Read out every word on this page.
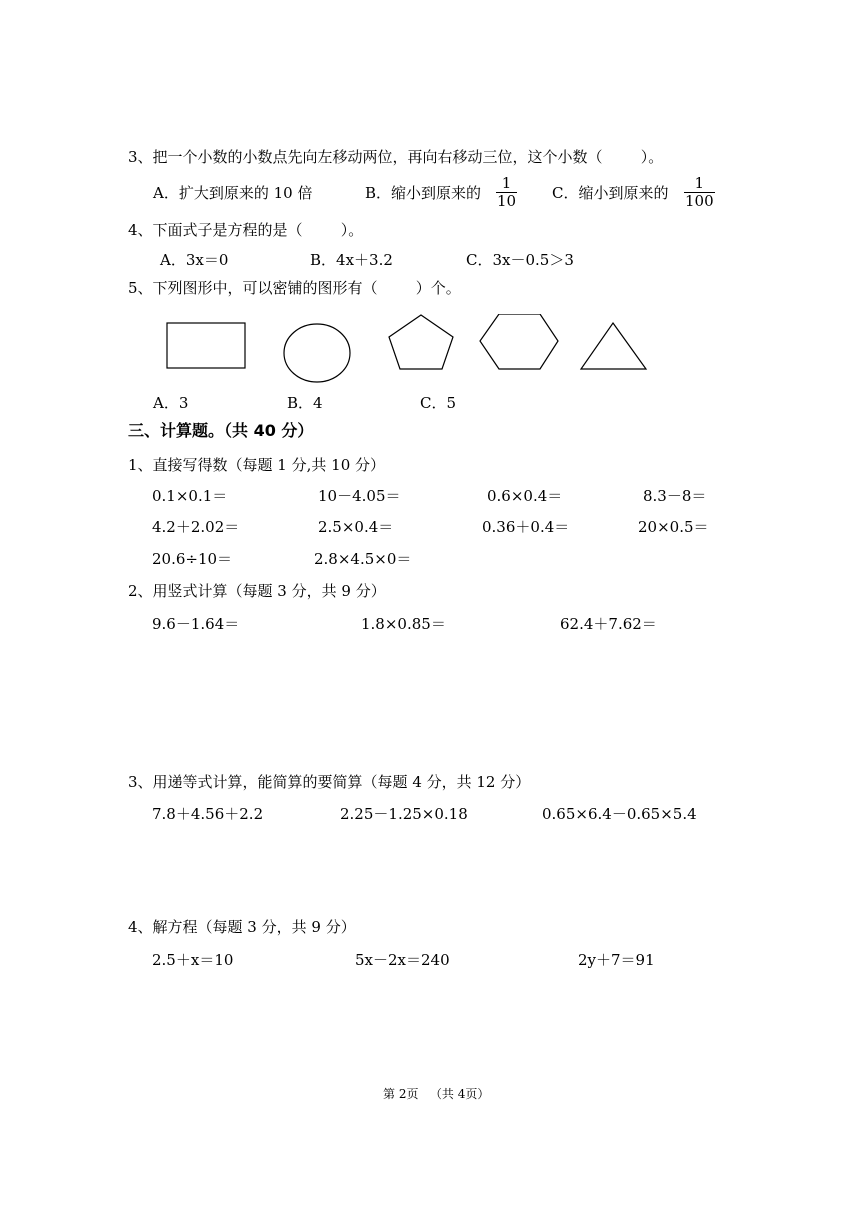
3、把一个小数的小数点先向左移动两位，再向右移动三位，这个小数（        ）。
A．扩大到原来的 10 倍	B．缩小到原来的 $\frac{1}{10}$ C．缩小到原来的 $\frac{1}{100}$
4、下面式子是方程的是（        ）。
A．3x＝0	B．4x＋3.2	C．3x－0.5＞3
5、下列图形中，可以密铺的图形有（        ）个。
A．3	B．4	C．5
三、计算题。（共 40 分）
1、直接写得数（每题 1 分,共 10 分）
0.1×0.1＝	10－4.05＝	0.6×0.4＝	8.3－8＝
4.2＋2.02＝	2.5×0.4＝	0.36＋0.4＝	20×0.5＝
20.6÷10＝	2.8×4.5×0＝
2、用竖式计算（每题 3 分，共 9 分）
9.6－1.64＝	1.8×0.85＝	62.4＋7.62＝
3、用递等式计算，能简算的要简算（每题 4 分，共 12 分）
7.8＋4.56＋2.2	2.25－1.25×0.18	0.65×6.4－0.65×5.4
4、解方程（每题 3 分，共 9 分）
2.5＋x＝10	5x－2x＝240	2y＋7＝91
第 2页   （共 4页）
